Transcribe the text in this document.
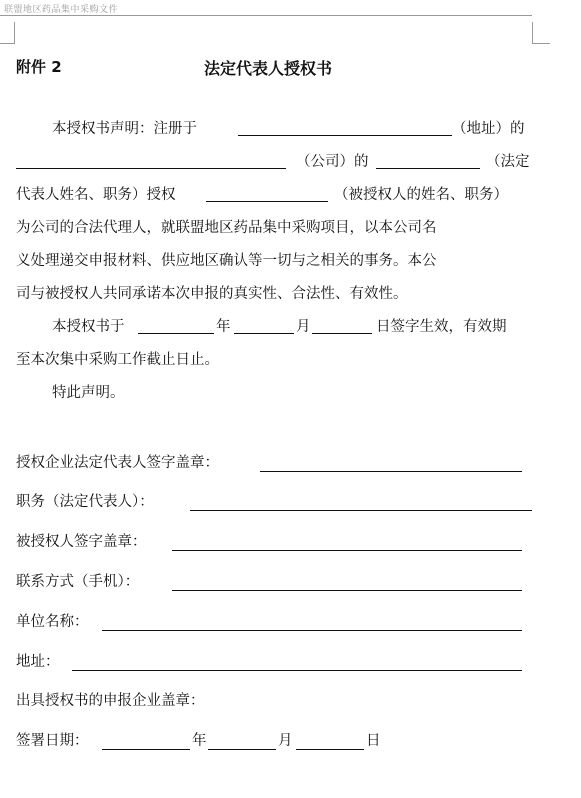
联盟地区药品集中采购文件
附件 2	法定代表人授权书
本授权书声明：注册于	（地址）的
（公司）的	（法定
代表人姓名、职务）授权	（被授权人的姓名、职务）
为公司的合法代理人，就联盟地区药品集中采购项目，以本公司名
义处理递交申报材料、供应地区确认等一切与之相关的事务。本公
司与被授权人共同承诺本次申报的真实性、合法性、有效性。
本授权书于	年	月	日签字生效，有效期
至本次集中采购工作截止日止。
特此声明。
授权企业法定代表人签字盖章：
职务（法定代表人）：
被授权人签字盖章：
联系方式（手机）：
单位名称：
地址：
出具授权书的申报企业盖章：
签署日期：	年	月	日
